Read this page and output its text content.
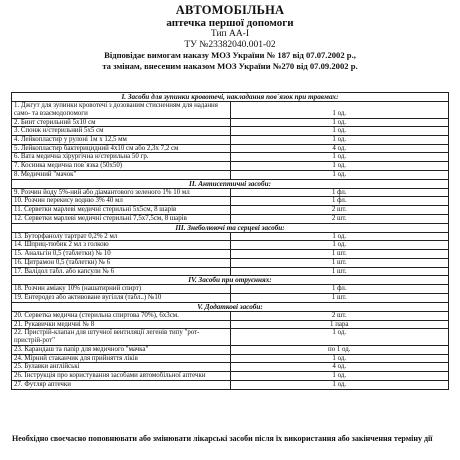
АВТОМОБІЛЬНА
аптечка першої допомоги
Тип АА-І
ТУ №23382040.001-02
Відповідає вимогам наказу МОЗ України № 187 від 07.07.2002 р.,
та змінам, внесеним наказом МОЗ України №270 від 07.09.2002 р.
І. Засоби для зупинки кровотечі, накладання пов`язок при травмах:	
1. Джгут для зупинки кровотечі з дозованим стисненням для надання само- та взаємодопомоги	1 од.
2. Бинт стерильний 5х10 см	1 од.
3. Спонж н/стерильний 5х5 см	1 од.
4. Лейкопластир у рулоні 1м х 12,5 мм	1 од.
5. Лейкопластир бактерицидний 4х10 см або 2,3х 7,2 см	4 од.
6. Вата медична хірургічна н/стерильна 50 гр.	1 од.
7. Косинка медична пов`язка (50х50)	1 од.
8. Медичний "мачок"	1 од.
ІІ. Антисептичні засоби:	
9. Розчин йоду 5%-ний або діамантового зеленого 1% 10 мл	1 фл.
10. Розчин перекису водню 3% 40 мл	1 фл.
11. Серветки марлеві медичні стерильні 5х5см, 8 шарів	2 шт.
12. Серветки марлеві медичні стерильні 7,5х7,5см, 8 шарів	2 шт.
ІІІ. Знеболюючі та серцеві засоби:	
13. Буторфанолу тартрат 0,2% 2 мл	1 од.
14. Шприц-тюбик 2 мл з голкою	1 од.
15. Анальгін 0,5 (таблетки) № 10	1 шт.
16. Цитрамон 0,5 (таблетки) № 6	1 шт.
17. Валідол табл. або капсули № 6	1 шт.
IV. Засоби при отруєннях:	
18. Розчин аміаку 10% (нашатирний спирт)	1 фл.
19. Ентеродез або активоване вугілля (табл..) №10	1 шт.
V. Додаткові засоби:	
20. Серветка медична (стерильна спиртова 70%), 6х3см.	2 шт.
21. Рукавички медичні № 8	1 пара
22. Пристрій-клапан для штучної вентиляції легенів типу "рот-пристрій-рот"	1 од.
23. Карандаш та папір для медичного "мачка"	по 1 од.
24. Мірний стаканчик для прийняття ліків	1 од.
25. Булавки англійські	4 од.
26. Інструкція про користування засобами автомобільної аптечки	1 од.
27. Футляр аптечки	1 од.
Необхідно своєчасно поповнювати або змінювати лікарські засоби після їх використання або закінчення терміну дії
